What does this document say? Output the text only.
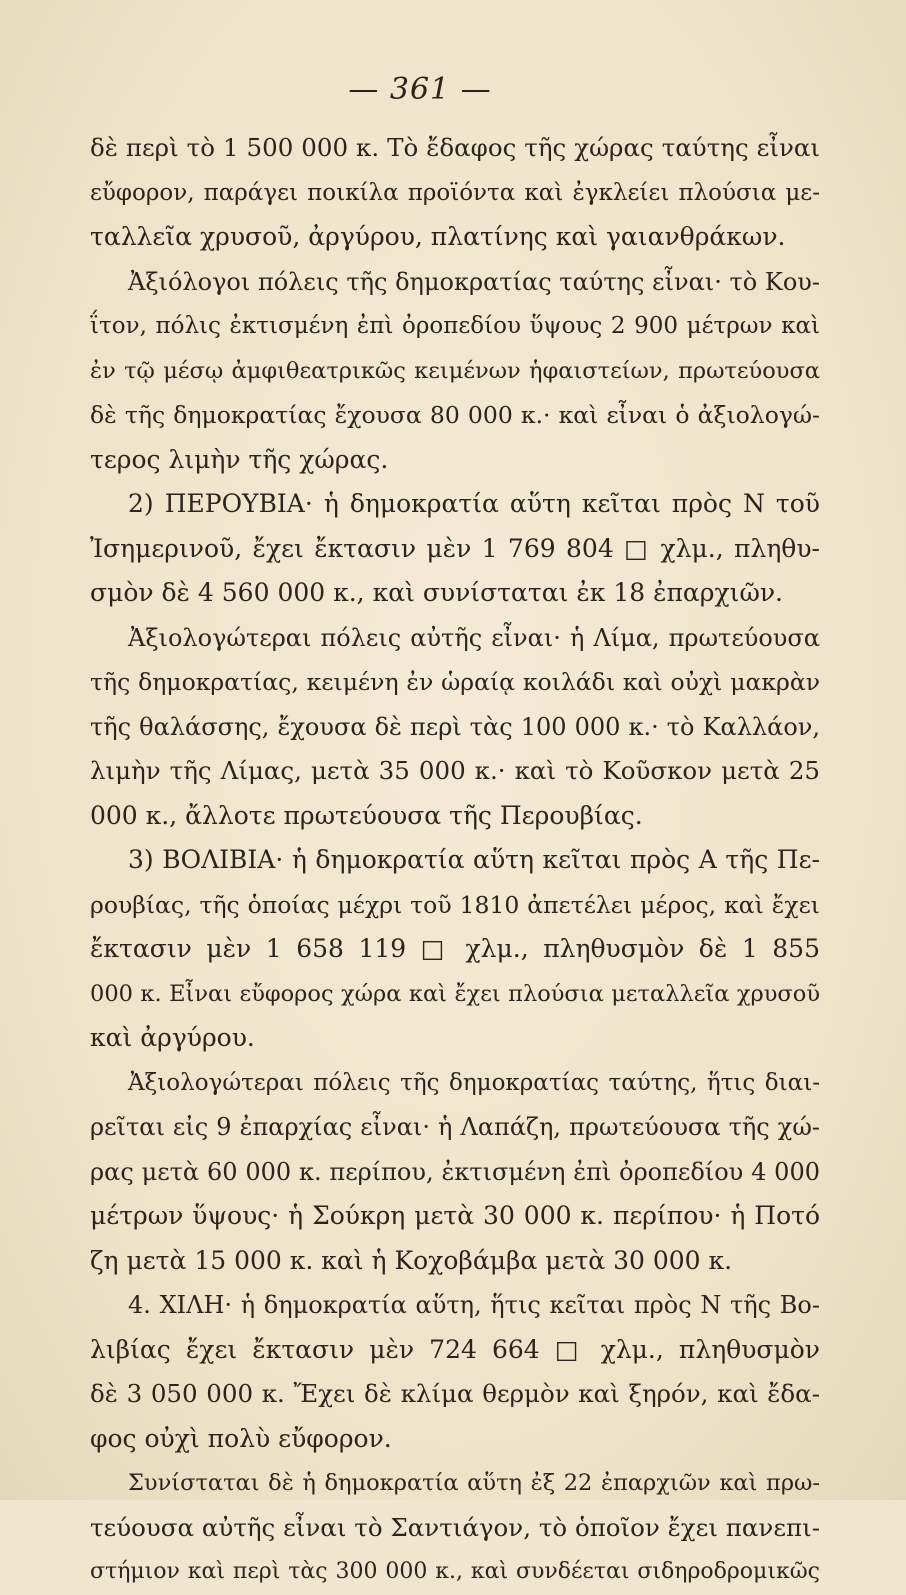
— 361 —
δὲ περὶ τὸ 1 500 000 κ. Τὸ ἔδαφος τῆς χώρας ταύτης εἶναι
εὔφορον, παράγει ποικίλα προϊόντα καὶ ἐγκλείει πλούσια με-
ταλλεῖα χρυσοῦ, ἀργύρου, πλατίνης καὶ γαιανθράκων.
Ἀξιόλογοι πόλεις τῆς δημοκρατίας ταύτης εἶναι· τὸ Κου-
ΐτον, πόλις ἐκτισμένη ἐπὶ ὀροπεδίου ὕψους 2 900 μέτρων καὶ
ἐν τῷ μέσῳ ἀμφιθεατρικῶς κειμένων ἡφαιστείων, πρωτεύουσα
δὲ τῆς δημοκρατίας ἔχουσα 80 000 κ.· καὶ εἶναι ὁ ἀξιολογώ-
τερος λιμὴν τῆς χώρας.
2) ΠΕΡΟΥΒΙΑ· ἡ δημοκρατία αὕτη κεῖται πρὸς Ν τοῦ
Ἰσημερινοῦ, ἔχει ἔκτασιν μὲν 1 769 804 □ χλμ., πληθυ-
σμὸν δὲ 4 560 000 κ., καὶ συνίσταται ἐκ 18 ἐπαρχιῶν.
Ἀξιολογώτεραι πόλεις αὐτῆς εἶναι· ἡ Λίμα, πρωτεύουσα
τῆς δημοκρατίας, κειμένη ἐν ὡραίᾳ κοιλάδι καὶ οὐχὶ μακρὰν
τῆς θαλάσσης, ἔχουσα δὲ περὶ τὰς 100 000 κ.· τὸ Καλλάον,
λιμὴν τῆς Λίμας, μετὰ 35 000 κ.· καὶ τὸ Κοῦσκον μετὰ 25
000 κ., ἄλλοτε πρωτεύουσα τῆς Περουβίας.
3) ΒΟΛΙΒΙΑ· ἡ δημοκρατία αὕτη κεῖται πρὸς Α τῆς Πε-
ρουβίας, τῆς ὁποίας μέχρι τοῦ 1810 ἀπετέλει μέρος, καὶ ἔχει
ἔκτασιν μὲν 1 658 119 □ χλμ., πληθυσμὸν δὲ 1 855
000 κ. Εἶναι εὔφορος χώρα καὶ ἔχει πλούσια μεταλλεῖα χρυσοῦ
καὶ ἀργύρου.
Ἀξιολογώτεραι πόλεις τῆς δημοκρατίας ταύτης, ἥτις διαι-
ρεῖται εἰς 9 ἐπαρχίας εἶναι· ἡ Λαπάζη, πρωτεύουσα τῆς χώ-
ρας μετὰ 60 000 κ. περίπου, ἐκτισμένη ἐπὶ ὀροπεδίου 4 000
μέτρων ὕψους· ἡ Σούκρη μετὰ 30 000 κ. περίπου· ἡ Ποτό
ζη μετὰ 15 000 κ. καὶ ἡ Κοχοβάμβα μετὰ 30 000 κ.
4. ΧΙΛΗ· ἡ δημοκρατία αὕτη, ἥτις κεῖται πρὸς Ν τῆς Βο-
λιβίας ἔχει ἔκτασιν μὲν 724 664 □ χλμ., πληθυσμὸν
δὲ 3 050 000 κ. Ἔχει δὲ κλίμα θερμὸν καὶ ξηρόν, καὶ ἔδα-
φος οὐχὶ πολὺ εὔφορον.
Συνίσταται δὲ ἡ δημοκρατία αὕτη ἐξ 22 ἐπαρχιῶν καὶ πρω-
τεύουσα αὐτῆς εἶναι τὸ Σαντιάγον, τὸ ὁποῖον ἔχει πανεπι-
στήμιον καὶ περὶ τὰς 300 000 κ., καὶ συνδέεται σιδηροδρομικῶς
